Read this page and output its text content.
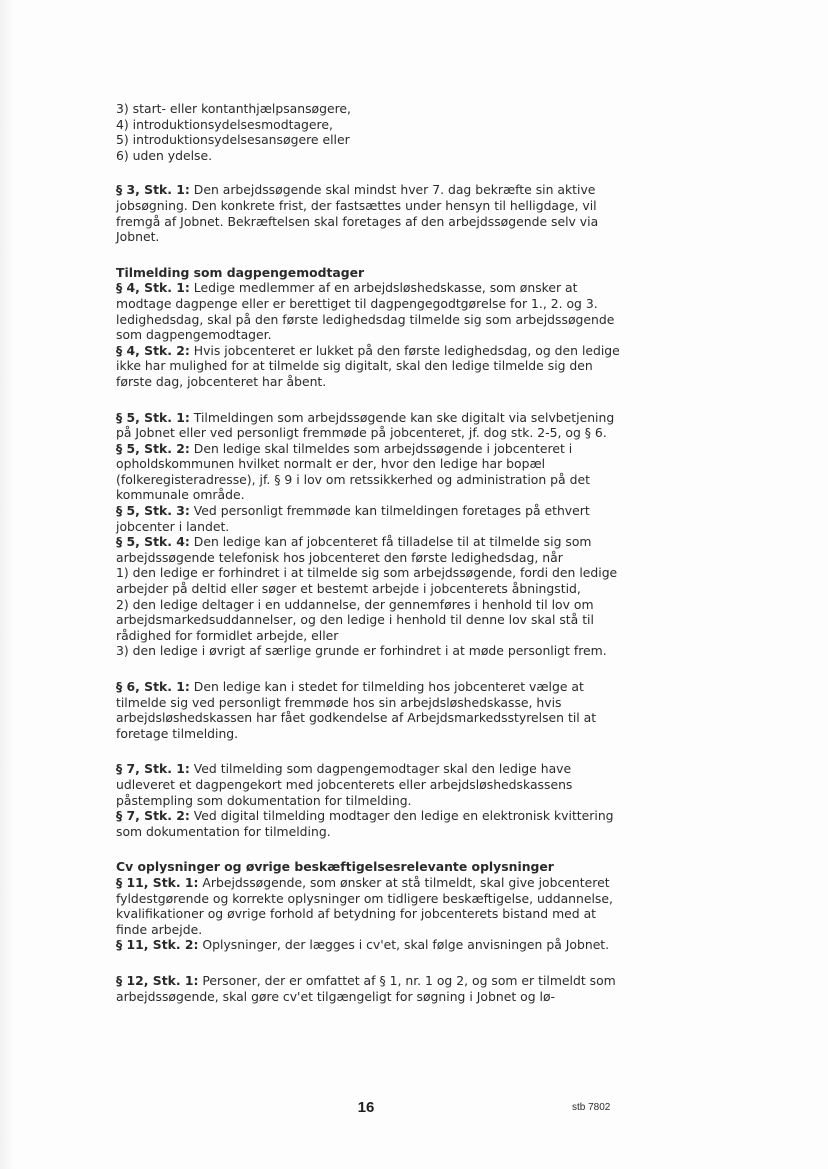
3) start- eller kontanthjælpsansøgere,

4) introduktionsydelsesmodtagere,

5) introduktionsydelsesansøgere eller

6) uden ydelse.

§ 3, Stk. 1: Den arbejdssøgende skal mindst hver 7. dag bekræfte sin aktive jobsøgning. Den konkrete frist, der fastsættes under hensyn til helligdage, vil fremgå af Jobnet. Bekræftelsen skal foretages af den arbejdssøgende selv via Jobnet.

Tilmelding som dagpengemodtager

§ 4, Stk. 1: Ledige medlemmer af en arbejdsløshedskasse, som ønsker at modtage dagpenge eller er berettiget til dagpengegodtgørelse for 1., 2. og 3. ledighedsdag, skal på den første ledighedsdag tilmelde sig som arbejdssøgende som dagpengemodtager.

§ 4, Stk. 2: Hvis jobcenteret er lukket på den første ledighedsdag, og den ledige ikke har mulighed for at tilmelde sig digitalt, skal den ledige tilmelde sig den første dag, jobcenteret har åbent.

§ 5, Stk. 1: Tilmeldingen som arbejdssøgende kan ske digitalt via selvbetjening på Jobnet eller ved personligt fremmøde på jobcenteret, jf. dog stk. 2-5, og § 6.

§ 5, Stk. 2: Den ledige skal tilmeldes som arbejdssøgende i jobcenteret i opholdskommunen hvilket normalt er der, hvor den ledige har bopæl (folkeregisteradresse), jf. § 9 i lov om retssikkerhed og administration på det kommunale område.

§ 5, Stk. 3: Ved personligt fremmøde kan tilmeldingen foretages på ethvert jobcenter i landet.

§ 5, Stk. 4: Den ledige kan af jobcenteret få tilladelse til at tilmelde sig som arbejdssøgende telefonisk hos jobcenteret den første ledighedsdag, når

1) den ledige er forhindret i at tilmelde sig som arbejdssøgende, fordi den ledige arbejder på deltid eller søger et bestemt arbejde i jobcenterets åbningstid,

2) den ledige deltager i en uddannelse, der gennemføres i henhold til lov om arbejdsmarkedsuddannelser, og den ledige i henhold til denne lov skal stå til rådighed for formidlet arbejde, eller

3) den ledige i øvrigt af særlige grunde er forhindret i at møde personligt frem.

§ 6, Stk. 1: Den ledige kan i stedet for tilmelding hos jobcenteret vælge at tilmelde sig ved personligt fremmøde hos sin arbejdsløshedskasse, hvis arbejdsløshedskassen har fået godkendelse af Arbejdsmarkedsstyrelsen til at foretage tilmelding.

§ 7, Stk. 1: Ved tilmelding som dagpengemodtager skal den ledige have udleveret et dagpengekort med jobcenterets eller arbejdsløshedskassens påstempling som dokumentation for tilmelding.

§ 7, Stk. 2: Ved digital tilmelding modtager den ledige en elektronisk kvittering som dokumentation for tilmelding.

Cv oplysninger og øvrige beskæftigelsesrelevante oplysninger

§ 11, Stk. 1: Arbejdssøgende, som ønsker at stå tilmeldt, skal give jobcenteret fyldestgørende og korrekte oplysninger om tidligere beskæftigelse, uddannelse, kvalifikationer og øvrige forhold af betydning for jobcenterets bistand med at finde arbejde.

§ 11, Stk. 2: Oplysninger, der lægges i cv'et, skal følge anvisningen på Jobnet.

§ 12, Stk. 1: Personer, der er omfattet af § 1, nr. 1 og 2, og som er tilmeldt som arbejdssøgende, skal gøre cv'et tilgængeligt for søgning i Jobnet og lø-

16	stb 7802
